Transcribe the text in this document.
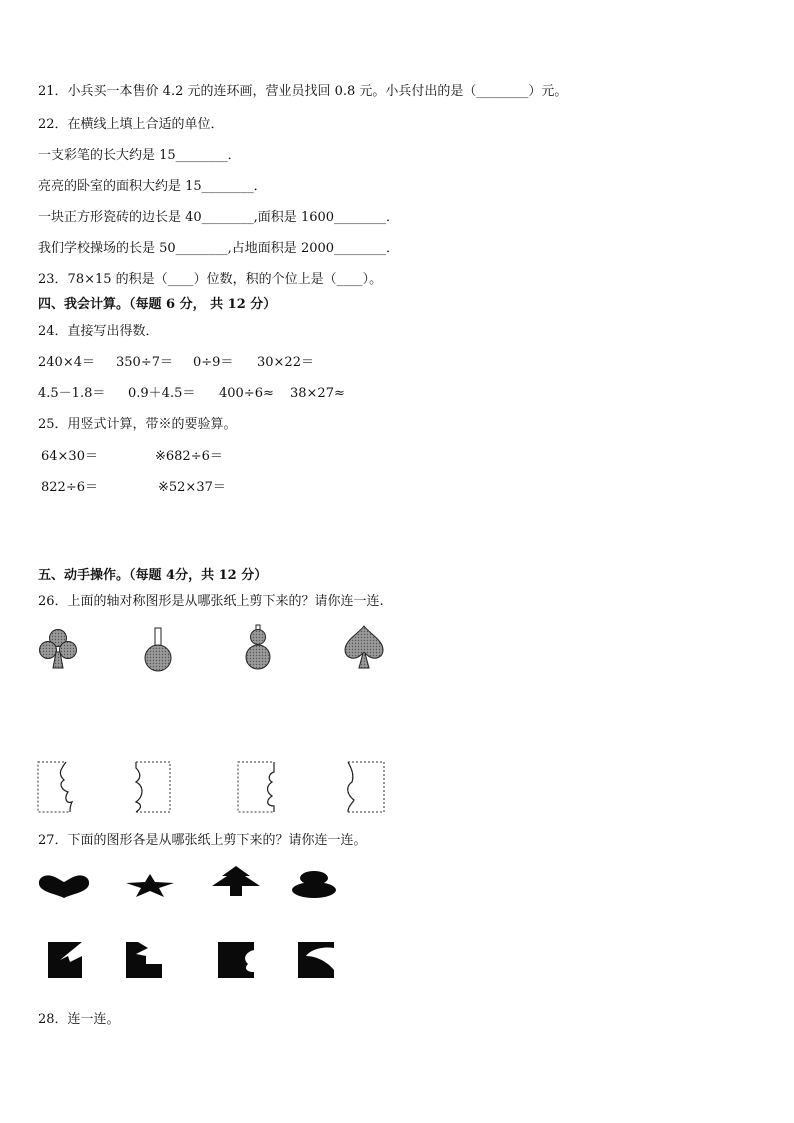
21．小兵买一本售价 4.2 元的连环画，营业员找回 0.8 元。小兵付出的是（________）元。
22．在横线上填上合适的单位．
一支彩笔的长大约是 15________．
亮亮的卧室的面积大约是 15________．
一块正方形瓷砖的边长是 40________,面积是 1600________．
我们学校操场的长是 50________,占地面积是 2000________．
23．78×15 的积是（____）位数，积的个位上是（____）。
四、我会计算。（每题 6 分， 共 12 分）
24．直接写出得数．
240×4＝ 350÷7＝ 0÷9＝ 30×22＝
4.5－1.8＝ 0.9＋4.5＝ 400÷6≈ 38×27≈
25．用竖式计算，带※的要验算。
64×30＝	※682÷6＝
822÷6＝	※52×37＝
五、动手操作。（每题 4分，共 12 分）
26．上面的轴对称图形是从哪张纸上剪下来的？请你连一连.
27．下面的图形各是从哪张纸上剪下来的？请你连一连。
28．连一连。
